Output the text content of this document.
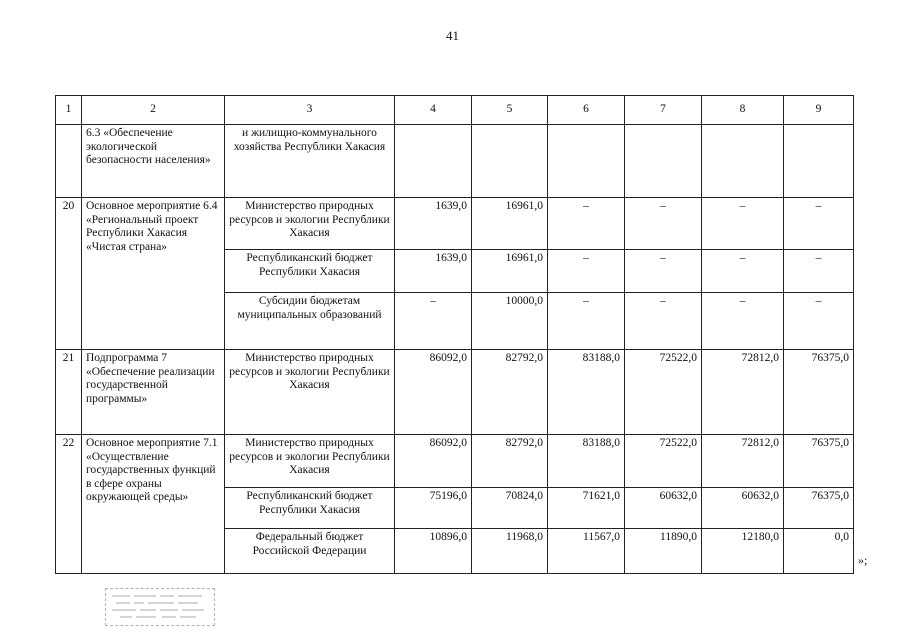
41
1	2	3	4	5	6	7	8	9
	6.3 «Обеспечение экологической безопасности населения»	и жилищно-коммунального хозяйства Республики Хакасия						
20	Основное мероприятие 6.4 «Региональный проект Республики Хакасия «Чистая страна»	Министерство природных ресурсов и экологии Республики Хакасия	1639,0	16961,0	–	–	–	–
		Республиканский бюджет Республики Хакасия	1639,0	16961,0	–	–	–	–
		Субсидии бюджетам муниципальных образований	–	10000,0	–	–	–	–
21	Подпрограмма 7 «Обеспечение реализации государственной программы»	Министерство природных ресурсов и экологии Республики Хакасия	86092,0	82792,0	83188,0	72522,0	72812,0	76375,0
22	Основное мероприятие 7.1 «Осуществление государственных функций в сфере охраны окружающей среды»	Министерство природных ресурсов и экологии Республики Хакасия	86092,0	82792,0	83188,0	72522,0	72812,0	76375,0
		Республиканский бюджет Республики Хакасия	75196,0	70824,0	71621,0	60632,0	60632,0	76375,0
		Федеральный бюджет Российской Федерации	10896,0	11968,0	11567,0	11890,0	12180,0	0,0
»;
